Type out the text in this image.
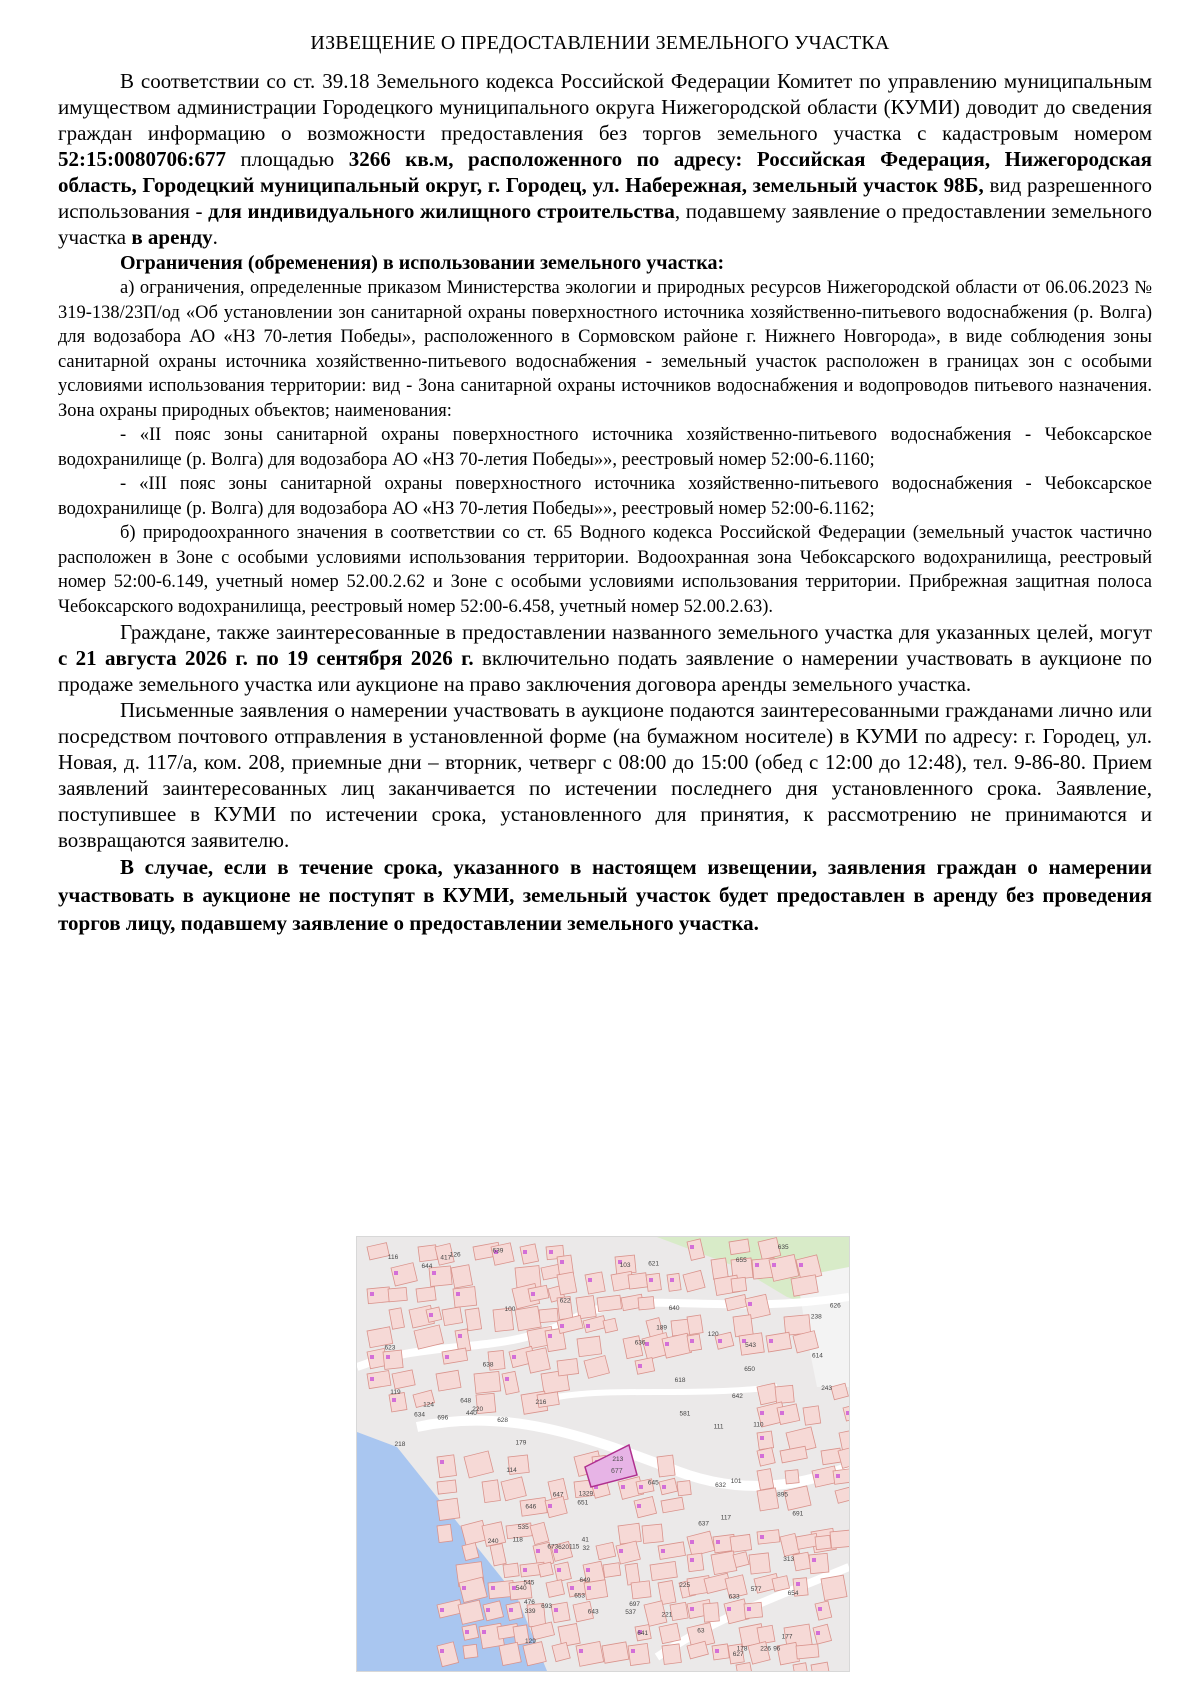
ИЗВЕЩЕНИЕ О ПРЕДОСТАВЛЕНИИ ЗЕМЕЛЬНОГО УЧАСТКА

В соответствии со ст. 39.18 Земельного кодекса Российской Федерации Комитет по управлению муниципальным имуществом администрации Городецкого муниципального округа Нижегородской области (КУМИ) доводит до сведения граждан информацию о возможности предоставления без торгов земельного участка с кадастровым номером 52:15:0080706:677 площадью 3266 кв.м, расположенного по адресу: Российская Федерация, Нижегородская область, Городецкий муниципальный округ, г. Городец, ул. Набережная, земельный участок 98Б, вид разрешенного использования - для индивидуального жилищного строительства, подавшему заявление о предоставлении земельного участка в аренду.

Ограничения (обременения) в использовании земельного участка:

а) ограничения, определенные приказом Министерства экологии и природных ресурсов Нижегородской области от 06.06.2023 № 319-138/23П/од «Об установлении зон санитарной охраны поверхностного источника хозяйственно-питьевого водоснабжения (р. Волга) для водозабора АО «НЗ 70-летия Победы», расположенного в Сормовском районе г. Нижнего Новгорода», в виде соблюдения зоны санитарной охраны источника хозяйственно-питьевого водоснабжения - земельный участок расположен в границах зон с особыми условиями использования территории: вид - Зона санитарной охраны источников водоснабжения и водопроводов питьевого назначения. Зона охраны природных объектов; наименования:

- «II пояс зоны санитарной охраны поверхностного источника хозяйственно-питьевого водоснабжения - Чебоксарское водохранилище (р. Волга) для водозабора АО «НЗ 70-летия Победы»», реестровый номер 52:00-6.1160;

- «III пояс зоны санитарной охраны поверхностного источника хозяйственно-питьевого водоснабжения - Чебоксарское водохранилище (р. Волга) для водозабора АО «НЗ 70-летия Победы»», реестровый номер 52:00-6.1162;

б) природоохранного значения в соответствии со ст. 65 Водного кодекса Российской Федерации (земельный участок частично расположен в Зоне с особыми условиями использования территории. Водоохранная зона Чебоксарского водохранилища, реестровый номер 52:00-6.149, учетный номер 52.00.2.62 и Зоне с особыми условиями использования территории. Прибрежная защитная полоса Чебоксарского водохранилища, реестровый номер 52:00-6.458, учетный номер 52.00.2.63).

Граждане, также заинтересованные в предоставлении названного земельного участка для указанных целей, могут с 21 августа 2026 г. по 19 сентября 2026 г. включительно подать заявление о намерении участвовать в аукционе по продаже земельного участка или аукционе на право заключения договора аренды земельного участка.

Письменные заявления о намерении участвовать в аукционе подаются заинтересованными гражданами лично или посредством почтового отправления в установленной форме (на бумажном носителе) в КУМИ по адресу: г. Городец, ул. Новая, д. 117/а, ком. 208, приемные дни – вторник, четверг с 08:00 до 15:00 (обед с 12:00 до 12:48), тел. 9-86-80. Прием заявлений заинтересованных лиц заканчивается по истечении последнего дня установленного срока. Заявление, поступившее в КУМИ по истечении срока, установленного для принятия, к рассмотрению не принимаются и возвращаются заявителю.

В случае, если в течение срока, указанного в настоящем извещении, заявления граждан о намерении участвовать в аукционе не поступят в КУМИ, земельный участок будет предоставлен в аренду без проведения торгов лицу, подавшему заявление о предоставлении земельного участка.

677
651
440
417
101
96
100
115
114
118
111	110
103
116
178
179
225
213
243
238
216
226
220
221
240
577
581
537
545
543
540
535
673
693
313
120
119
124
126
1329
339
218
177
895
63
32
476
41
638
639
640
641
642
645
655
614
618
643
644
620
653
621
622
623
632
633
634
635
636
637
646
647
648
649
650
654
697
691
696
626
627
628
129
117
189
